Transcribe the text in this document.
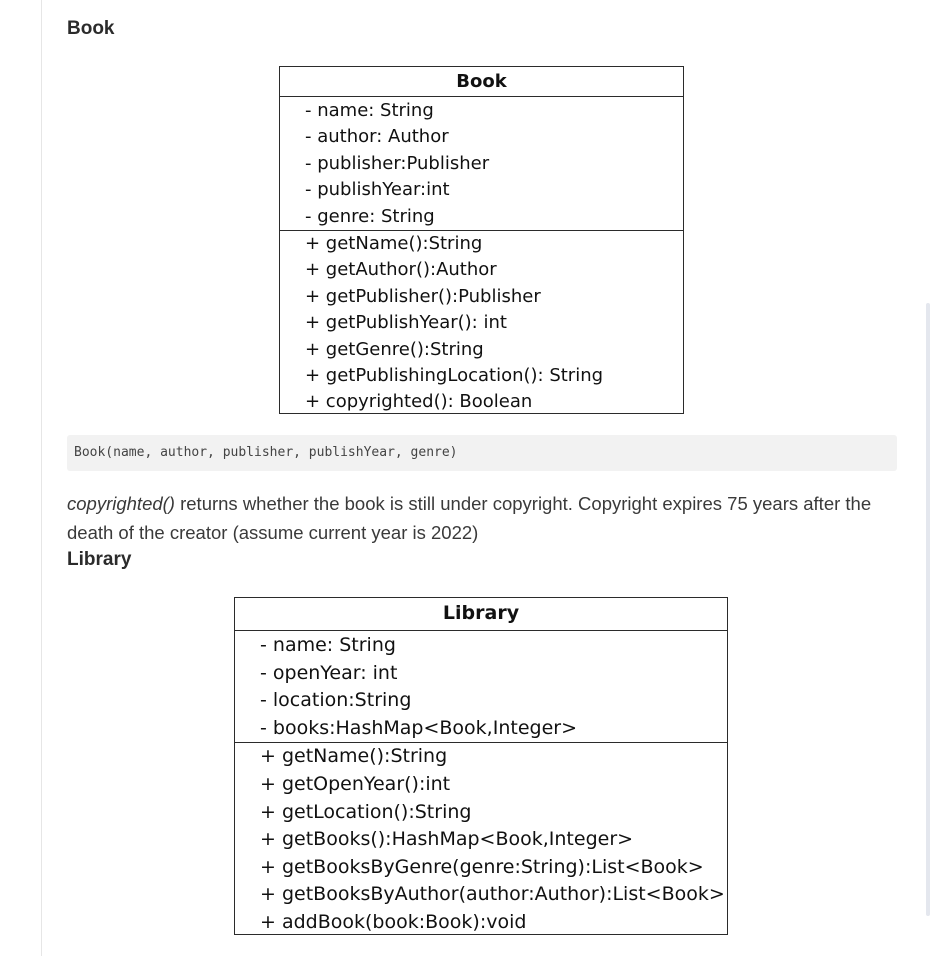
Book
Book
- name: String
- author: Author
- publisher:Publisher
- publishYear:int
- genre: String
+ getName():String
+ getAuthor():Author
+ getPublisher():Publisher
+ getPublishYear(): int
+ getGenre():String
+ getPublishingLocation(): String
+ copyrighted(): Boolean
Book(name, author, publisher, publishYear, genre)
copyrighted() returns whether the book is still under copyright. Copyright expires 75 years after the death of the creator (assume current year is 2022)
Library
Library
- name: String
- openYear: int
- location:String
- books:HashMap<Book,Integer>
+ getName():String
+ getOpenYear():int
+ getLocation():String
+ getBooks():HashMap<Book,Integer>
+ getBooksByGenre(genre:String):List<Book>
+ getBooksByAuthor(author:Author):List<Book>
+ addBook(book:Book):void
